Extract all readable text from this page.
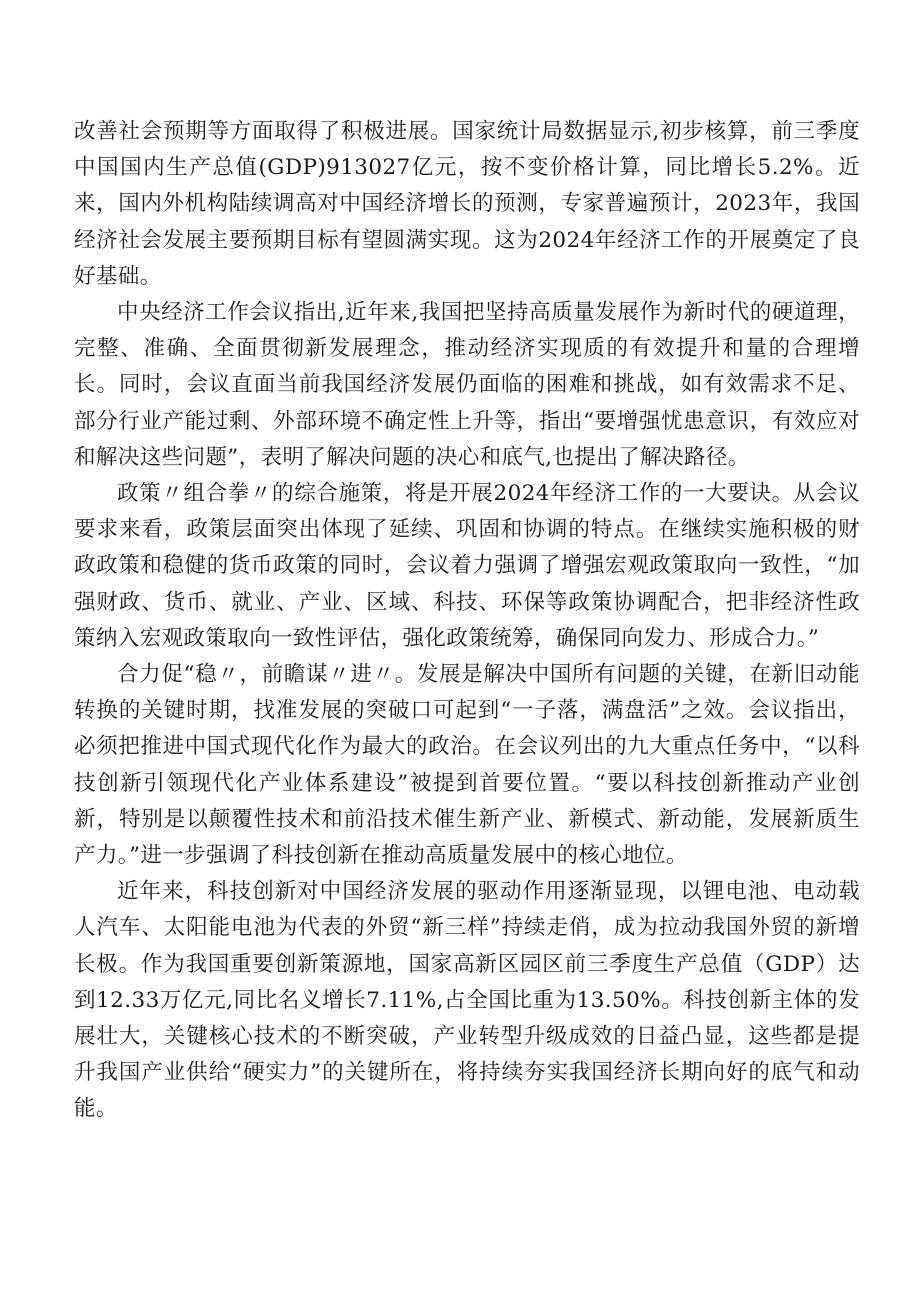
改善社会预期等方面取得了积极进展。国家统计局数据显示,初步核算，前三季度中国国内生产总值(GDP)913027亿元，按不变价格计算，同比增长5.2%。近来，国内外机构陆续调高对中国经济增长的预测，专家普遍预计，2023年，我国经济社会发展主要预期目标有望圆满实现。这为2024年经济工作的开展奠定了良好基础。

中央经济工作会议指出,近年来,我国把坚持高质量发展作为新时代的硬道理，完整、准确、全面贯彻新发展理念，推动经济实现质的有效提升和量的合理增长。同时，会议直面当前我国经济发展仍面临的困难和挑战，如有效需求不足、部分行业产能过剩、外部环境不确定性上升等，指出“要增强忧患意识，有效应对和解决这些问题”，表明了解决问题的决心和底气,也提出了解决路径。

政策〃组合拳〃的综合施策，将是开展2024年经济工作的一大要诀。从会议要求来看，政策层面突出体现了延续、巩固和协调的特点。在继续实施积极的财政政策和稳健的货币政策的同时，会议着力强调了增强宏观政策取向一致性，“加强财政、货币、就业、产业、区域、科技、环保等政策协调配合，把非经济性政策纳入宏观政策取向一致性评估，强化政策统筹，确保同向发力、形成合力。”

合力促“稳〃，前瞻谋〃进〃。发展是解决中国所有问题的关键，在新旧动能转换的关键时期，找准发展的突破口可起到“一子落，满盘活”之效。会议指出，必须把推进中国式现代化作为最大的政治。在会议列出的九大重点任务中，“以科技创新引领现代化产业体系建设”被提到首要位置。“要以科技创新推动产业创新，特别是以颠覆性技术和前沿技术催生新产业、新模式、新动能，发展新质生产力。”进一步强调了科技创新在推动高质量发展中的核心地位。

近年来，科技创新对中国经济发展的驱动作用逐渐显现，以锂电池、电动载人汽车、太阳能电池为代表的外贸“新三样”持续走俏，成为拉动我国外贸的新增长极。作为我国重要创新策源地，国家高新区园区前三季度生产总值（GDP）达到12.33万亿元,同比名义增长7.11%,占全国比重为13.50%。科技创新主体的发展壮大，关键核心技术的不断突破，产业转型升级成效的日益凸显，这些都是提升我国产业供给“硬实力”的关键所在，将持续夯实我国经济长期向好的底气和动能。
